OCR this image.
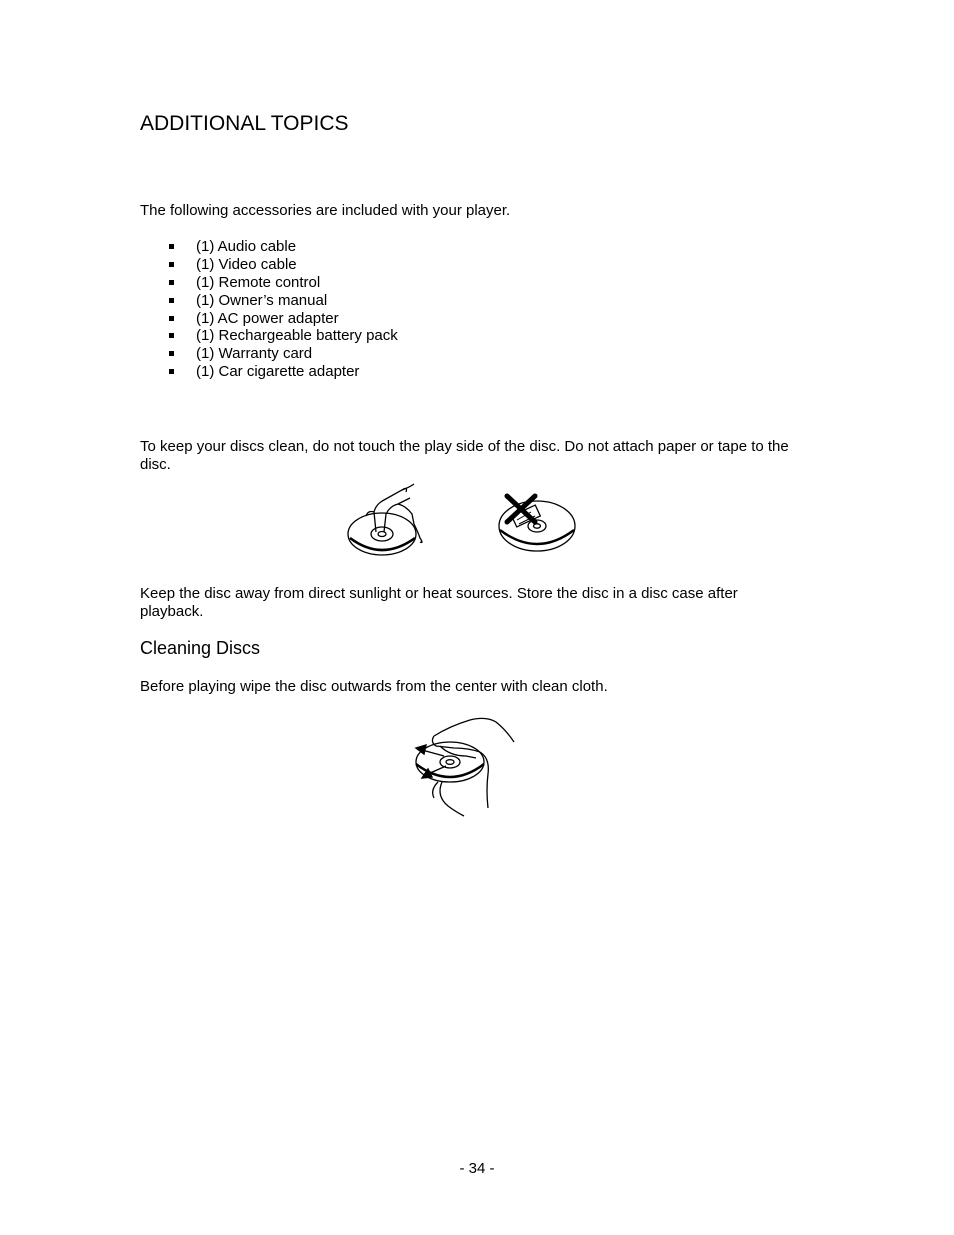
ADDITIONAL TOPICS
The following accessories are included with your player.
(1) Audio cable
(1) Video cable
(1) Remote control
(1) Owner’s manual
(1) AC power adapter
(1) Rechargeable battery pack
(1) Warranty card
(1) Car cigarette adapter
To keep your discs clean, do not touch the play side of the disc. Do not attach paper or tape to the disc.
Keep the disc away from direct sunlight or heat sources. Store the disc in a disc case after playback.
Cleaning Discs
Before playing wipe the disc outwards from the center with clean cloth.
- 34 -
